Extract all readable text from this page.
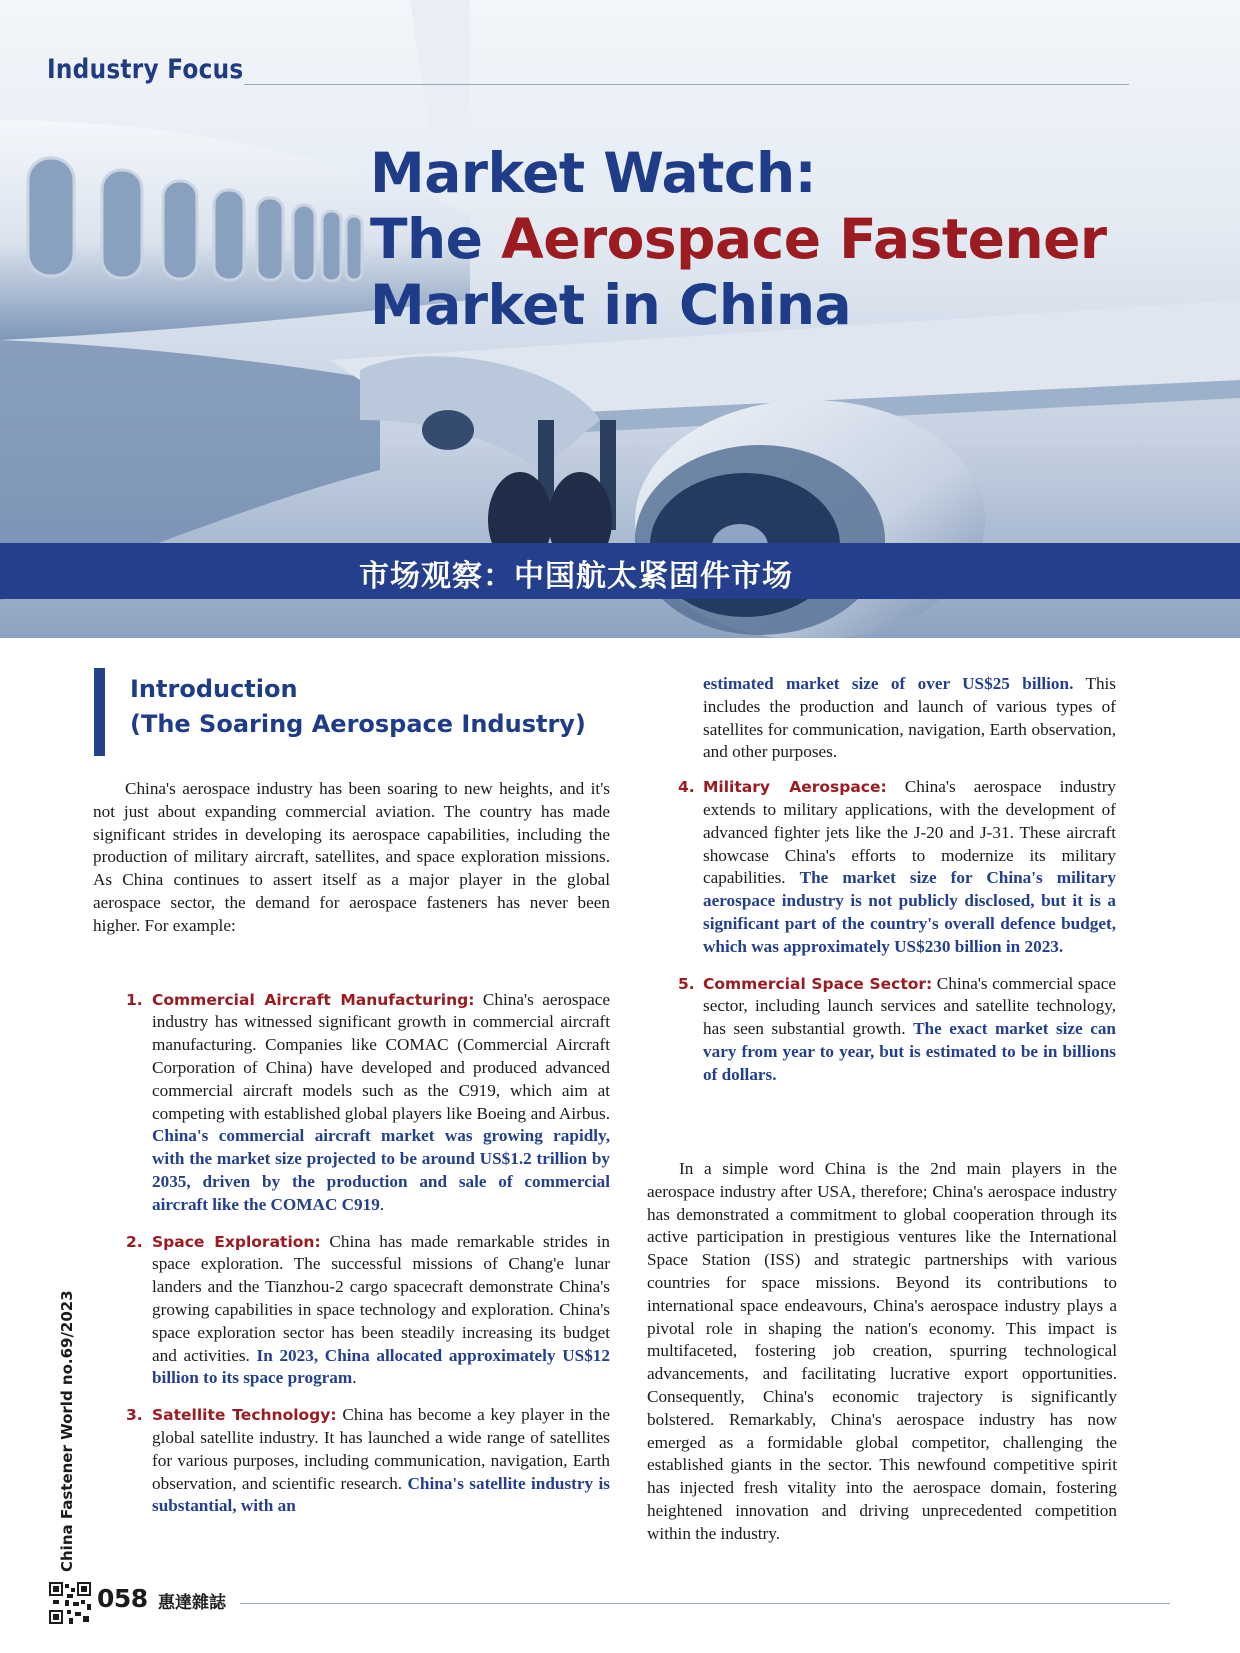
Industry Focus
Market Watch:
The Aerospace Fastener
Market in China
市场观察：中国航太紧固件市场
Introduction
(The Soaring Aerospace Industry)

China's aerospace industry has been soaring to new heights, and it's not just about expanding commercial aviation. The country has made significant strides in developing its aerospace capabilities, including the production of military aircraft, satellites, and space exploration missions. As China continues to assert itself as a major player in the global aerospace sector, the demand for aerospace fasteners has never been higher. For example:

1. Commercial Aircraft Manufacturing: China's aerospace industry has witnessed significant growth in commercial aircraft manufacturing. Companies like COMAC (Commercial Aircraft Corporation of China) have developed and produced advanced commercial aircraft models such as the C919, which aim at competing with established global players like Boeing and Airbus. China's commercial aircraft market was growing rapidly, with the market size projected to be around US$1.2 trillion by 2035, driven by the production and sale of commercial aircraft like the COMAC C919.

2. Space Exploration: China has made remarkable strides in space exploration. The successful missions of Chang'e lunar landers and the Tianzhou-2 cargo spacecraft demonstrate China's growing capabilities in space technology and exploration. China's space exploration sector has been steadily increasing its budget and activities. In 2023, China allocated approximately US$12 billion to its space program.

3. Satellite Technology: China has become a key player in the global satellite industry. It has launched a wide range of satellites for various purposes, including communication, navigation, Earth observation, and scientific research. China's satellite industry is substantial, with an

estimated market size of over US$25 billion. This includes the production and launch of various types of satellites for communication, navigation, Earth observation, and other purposes.

4. Military Aerospace: China's aerospace industry extends to military applications, with the development of advanced fighter jets like the J-20 and J-31. These aircraft showcase China's efforts to modernize its military capabilities. The market size for China's military aerospace industry is not publicly disclosed, but it is a significant part of the country's overall defence budget, which was approximately US$230 billion in 2023.

5. Commercial Space Sector: China's commercial space sector, including launch services and satellite technology, has seen substantial growth. The exact market size can vary from year to year, but is estimated to be in billions of dollars.

In a simple word China is the 2nd main players in the aerospace industry after USA, therefore; China's aerospace industry has demonstrated a commitment to global cooperation through its active participation in prestigious ventures like the International Space Station (ISS) and strategic partnerships with various countries for space missions. Beyond its contributions to international space endeavours, China's aerospace industry plays a pivotal role in shaping the nation's economy. This impact is multifaceted, fostering job creation, spurring technological advancements, and facilitating lucrative export opportunities. Consequently, China's economic trajectory is significantly bolstered. Remarkably, China's aerospace industry has now emerged as a formidable global competitor, challenging the established giants in the sector. This newfound competitive spirit has injected fresh vitality into the aerospace domain, fostering heightened innovation and driving unprecedented competition within the industry.

China Fastener World no.69/2023
058 惠達雜誌
